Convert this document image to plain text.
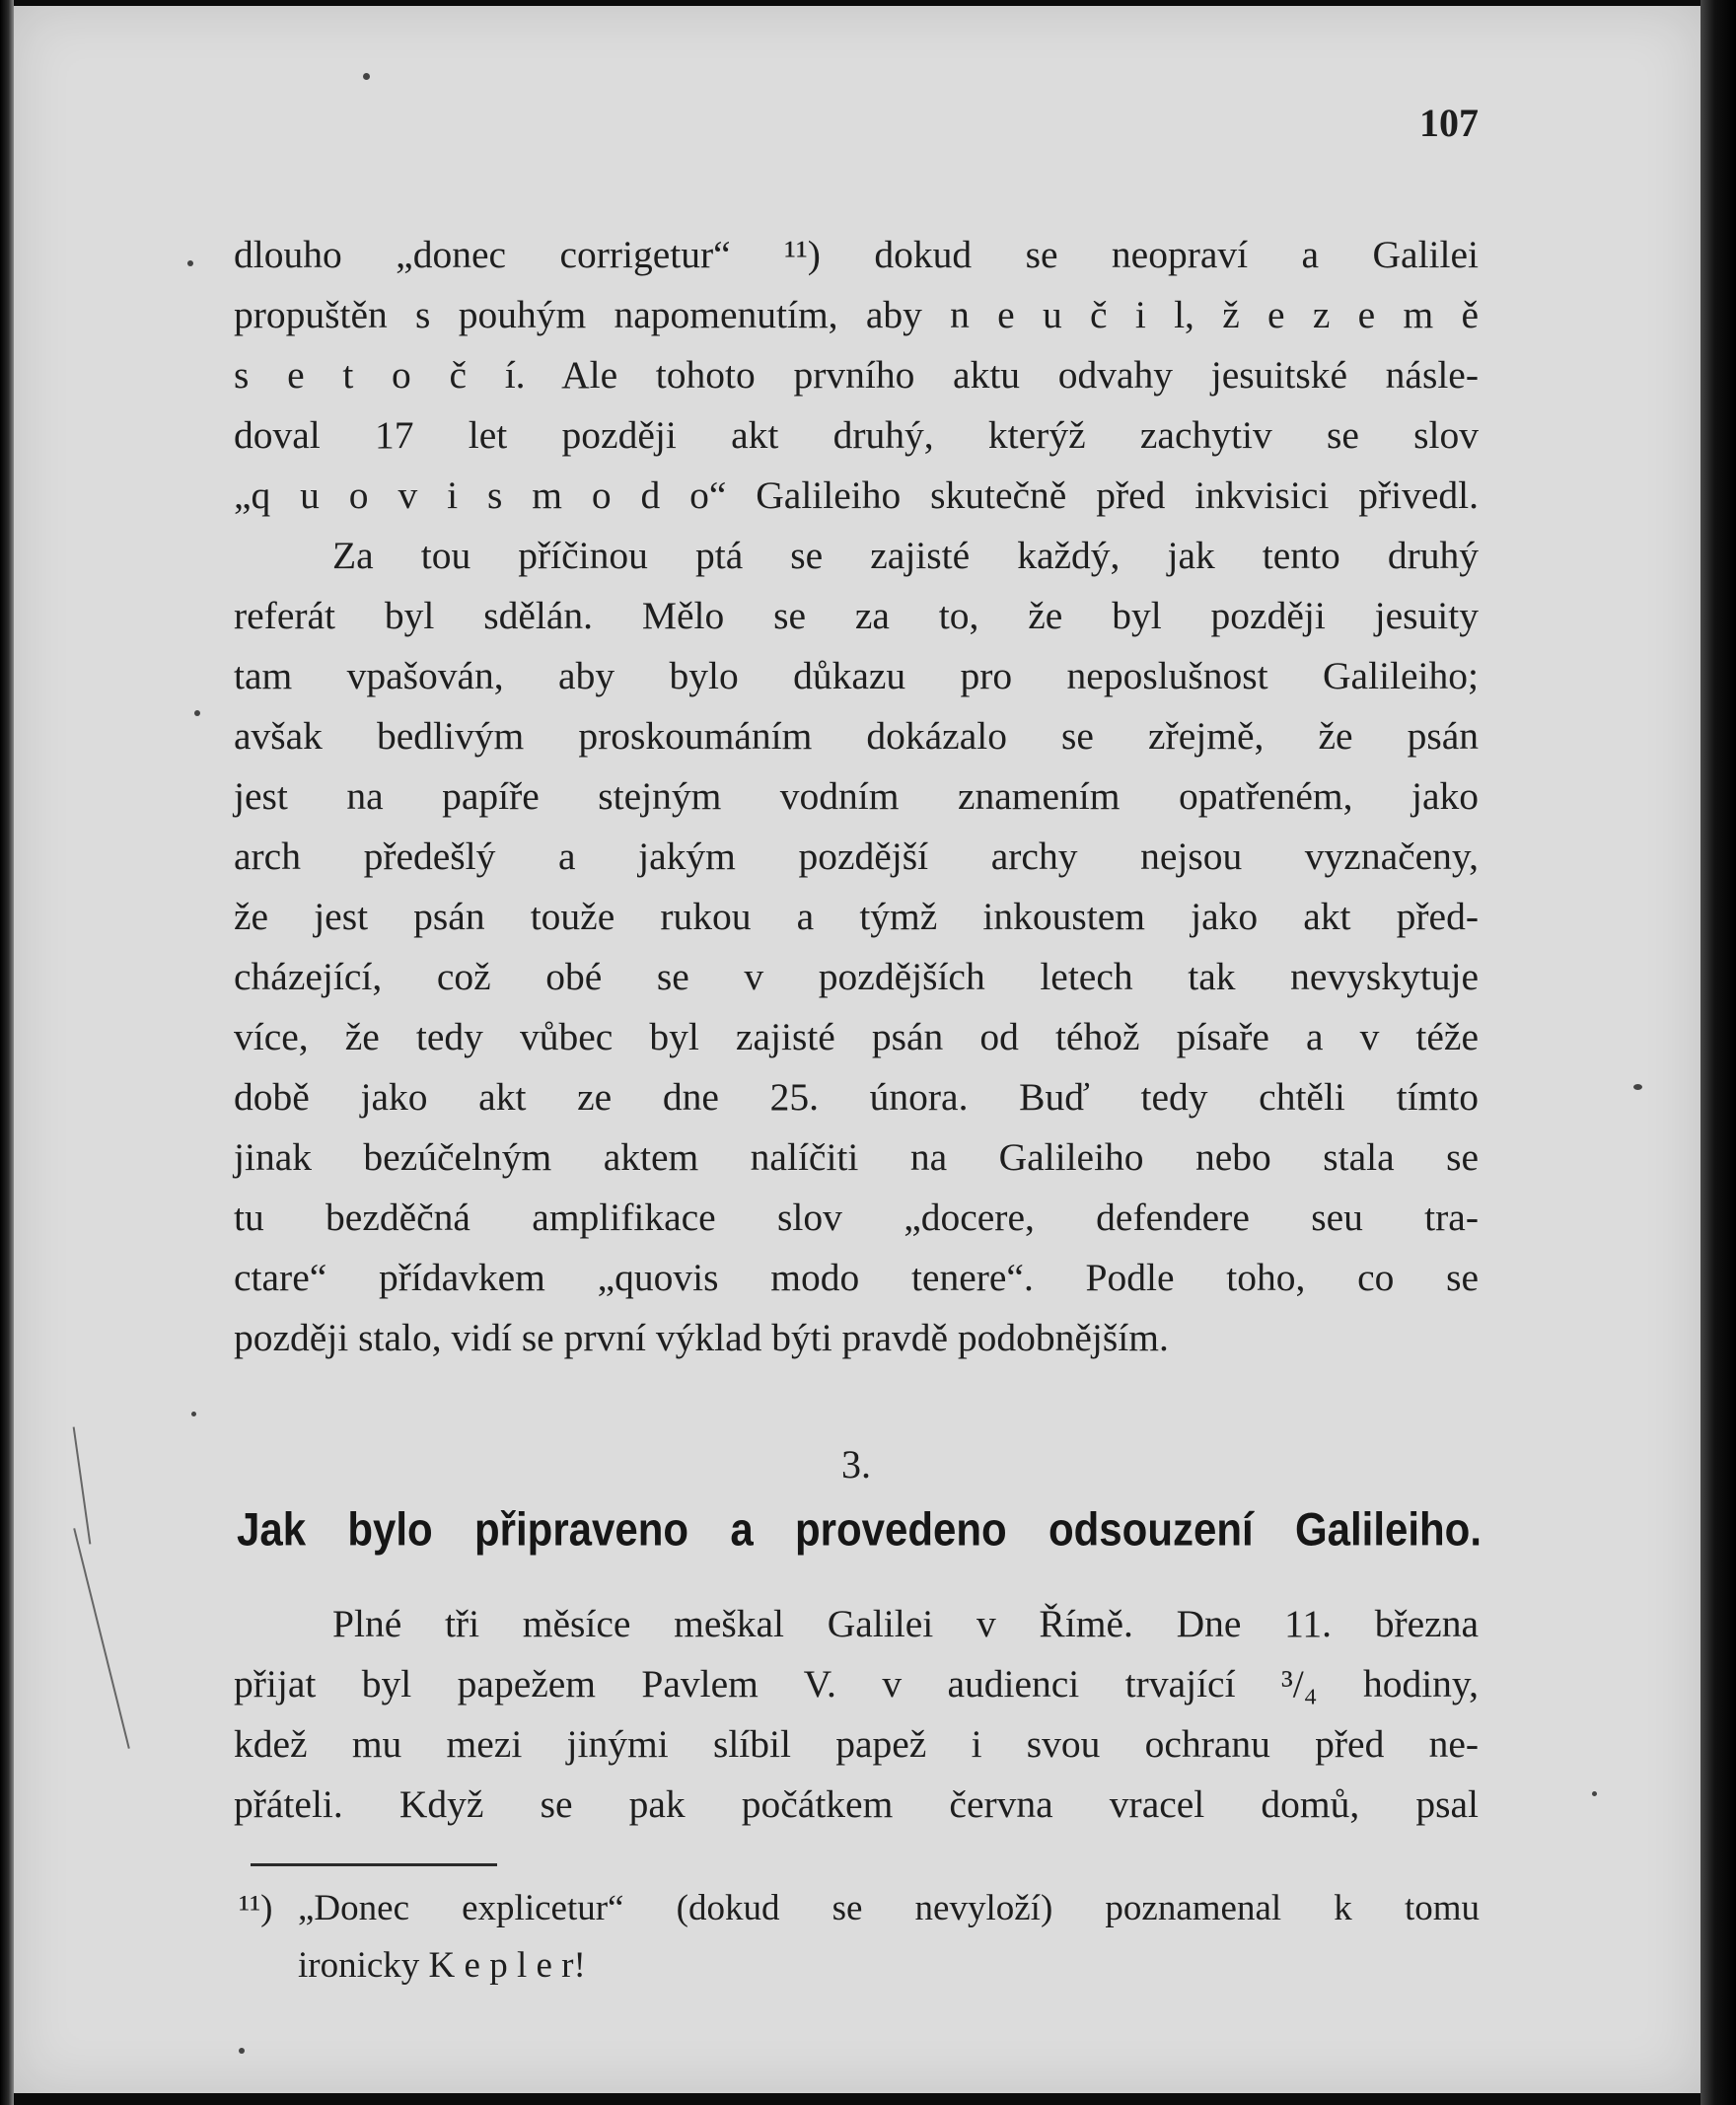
107
dlouho „donec corrigetur“ ¹¹) dokud se neopraví a Galilei
propuštěn s pouhým napomenutím, aby n e u č i l, ž e z e m ě
s e t o č í. Ale tohoto prvního aktu odvahy jesuitské násle-
doval 17 let později akt druhý, kterýž zachytiv se slov
„q u o v i s m o d o“ Galileiho skutečně před inkvisici přivedl.
Za tou příčinou ptá se zajisté každý, jak tento druhý
referát byl sdělán. Mělo se za to, že byl později jesuity
tam vpašován, aby bylo důkazu pro neposlušnost Galileiho;
avšak bedlivým proskoumáním dokázalo se zřejmě, že psán
jest na papíře stejným vodním znamením opatřeném, jako
arch předešlý a jakým pozdější archy nejsou vyznačeny,
že jest psán touže rukou a týmž inkoustem jako akt před-
cházející, což obé se v pozdějších letech tak nevyskytuje
více, že tedy vůbec byl zajisté psán od téhož písaře a v téže
době jako akt ze dne 25. února. Buď tedy chtěli tímto
jinak bezúčelným aktem nalíčiti na Galileiho nebo stala se
tu bezděčná amplifikace slov „docere, defendere seu tra-
ctare“ přídavkem „quovis modo tenere“. Podle toho, co se
později stalo, vidí se první výklad býti pravdě podobnějším.
3.
Jak bylo připraveno a provedeno odsouzení Galileiho.
Plné tři měsíce meškal Galilei v Římě. Dne 11. března
přijat byl papežem Pavlem V. v audienci trvající ³/₄ hodiny,
kdež mu mezi jinými slíbil papež i svou ochranu před ne-
přáteli. Když se pak počátkem června vracel domů, psal
¹¹) „Donec explicetur“ (dokud se nevyloží) poznamenal k tomu
ironicky K e p l e r!
